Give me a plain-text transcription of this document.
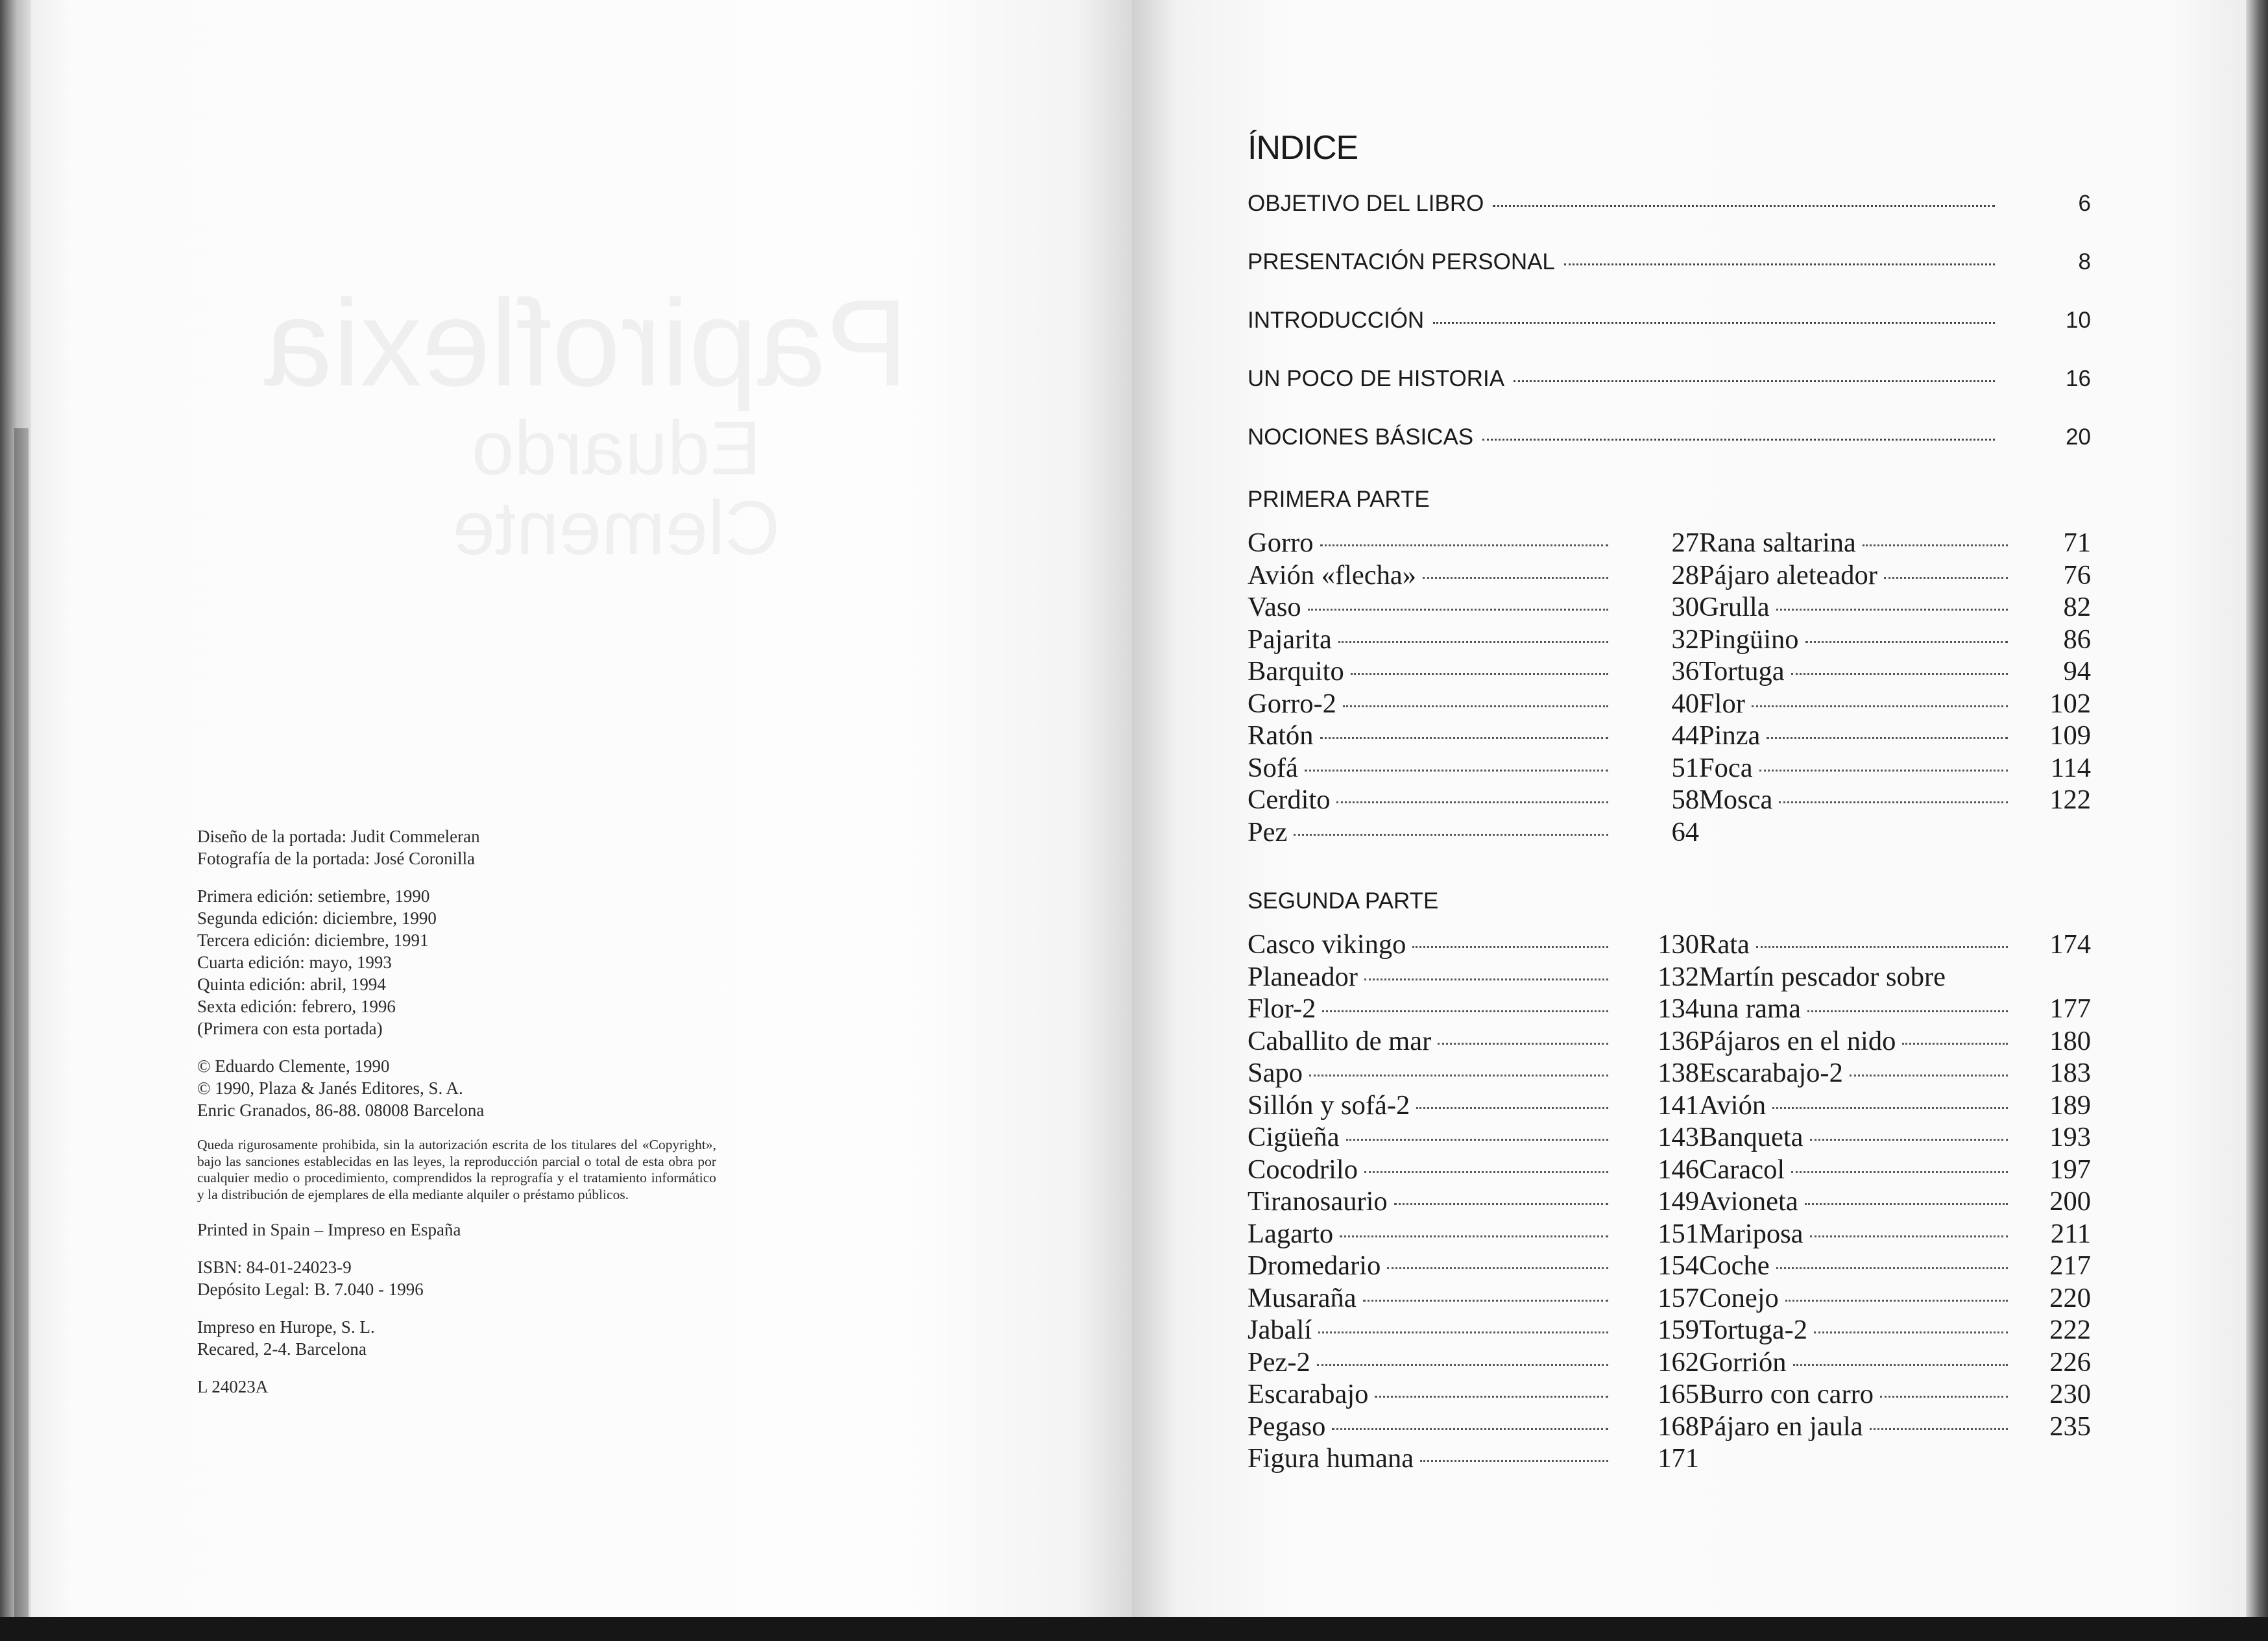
Papiroflexia
Eduardo Clemente
Diseño de la portada: Judit Commeleran
Fotografía de la portada: José Coronilla
Primera edición: setiembre, 1990
Segunda edición: diciembre, 1990
Tercera edición: diciembre, 1991
Cuarta edición: mayo, 1993
Quinta edición: abril, 1994
Sexta edición: febrero, 1996
(Primera con esta portada)
© Eduardo Clemente, 1990
© 1990, Plaza & Janés Editores, S. A.
Enric Granados, 86-88. 08008 Barcelona
Queda rigurosamente prohibida, sin la autorización escrita de los titulares del «Copyright», bajo las sanciones establecidas en las leyes, la reproducción parcial o total de esta obra por cualquier medio o procedimiento, comprendidos la reprografía y el tratamiento informático y la distribución de ejemplares de ella mediante alquiler o préstamo públicos.
Printed in Spain – Impreso en España
ISBN: 84-01-24023-9
Depósito Legal: B. 7.040 - 1996
Impreso en Hurope, S. L.
Recared, 2-4. Barcelona
L 24023A
ÍNDICE
OBJETIVO DEL LIBRO	6
PRESENTACIÓN PERSONAL	8
INTRODUCCIÓN	10
UN POCO DE HISTORIA	16
NOCIONES BÁSICAS	20
PRIMERA PARTE
Gorro	27
Avión «flecha»	28
Vaso	30
Pajarita	32
Barquito	36
Gorro-2	40
Ratón	44
Sofá	51
Cerdito	58
Pez	64
Rana saltarina	71
Pájaro aleteador	76
Grulla	82
Pingüino	86
Tortuga	94
Flor	102
Pinza	109
Foca	114
Mosca	122
SEGUNDA PARTE
Casco vikingo	130
Planeador	132
Flor-2	134
Caballito de mar	136
Sapo	138
Sillón y sofá-2	141
Cigüeña	143
Cocodrilo	146
Tiranosaurio	149
Lagarto	151
Dromedario	154
Musaraña	157
Jabalí	159
Pez-2	162
Escarabajo	165
Pegaso	168
Figura humana	171
Rata	174
Martín pescador sobre
una rama	177
Pájaros en el nido	180
Escarabajo-2	183
Avión	189
Banqueta	193
Caracol	197
Avioneta	200
Mariposa	211
Coche	217
Conejo	220
Tortuga-2	222
Gorrión	226
Burro con carro	230
Pájaro en jaula	235
